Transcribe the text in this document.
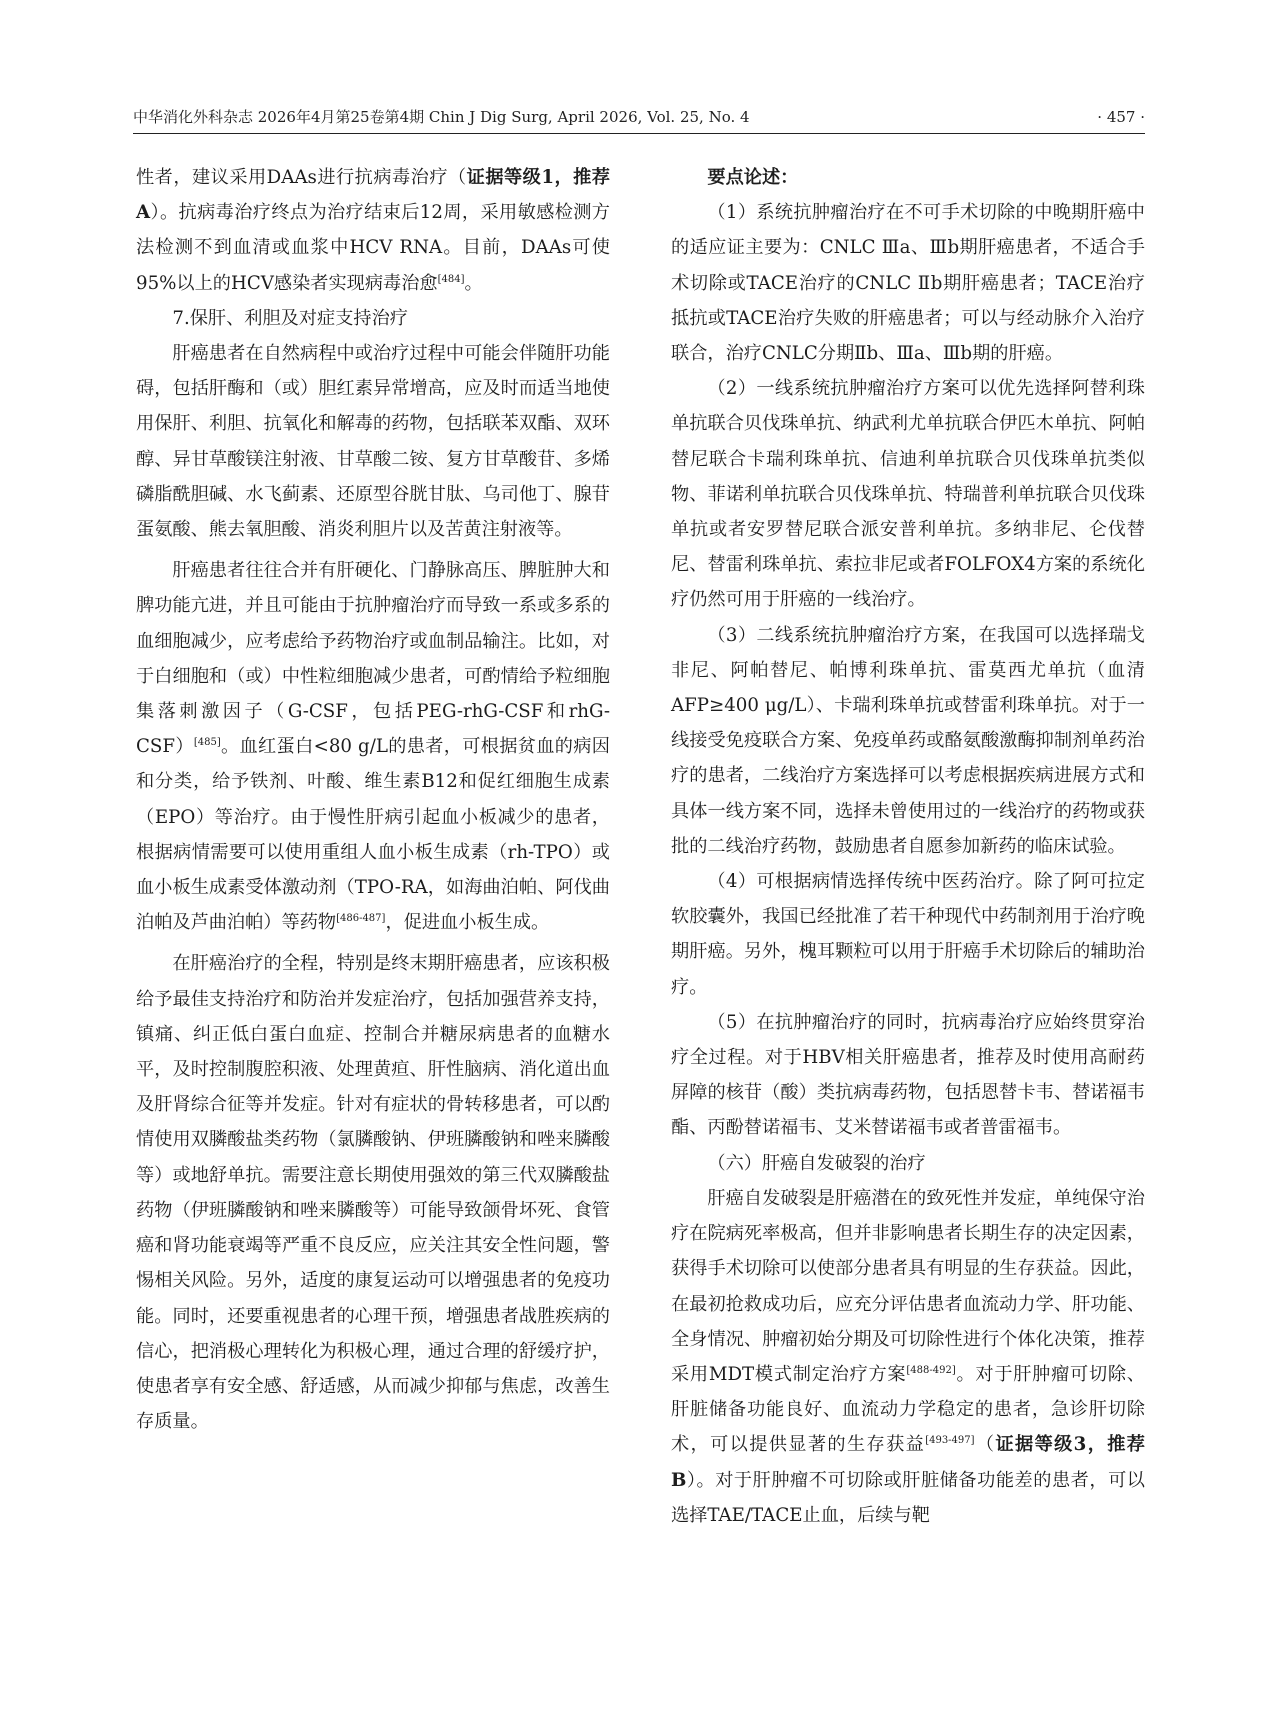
中华消化外科杂志 2026年4月第25卷第4期 Chin J Dig Surg, April 2026, Vol. 25, No. 4	· 457 ·

性者，建议采用DAAs进行抗病毒治疗（证据等级1，推荐A）。抗病毒治疗终点为治疗结束后12周，采用敏感检测方法检测不到血清或血浆中HCV RNA。目前，DAAs可使95%以上的HCV感染者实现病毒治愈[484]。

7.保肝、利胆及对症支持治疗

肝癌患者在自然病程中或治疗过程中可能会伴随肝功能碍，包括肝酶和（或）胆红素异常增高，应及时而适当地使用保肝、利胆、抗氧化和解毒的药物，包括联苯双酯、双环醇、异甘草酸镁注射液、甘草酸二铵、复方甘草酸苷、多烯磷脂酰胆碱、水飞蓟素、还原型谷胱甘肽、乌司他丁、腺苷蛋氨酸、熊去氧胆酸、消炎利胆片以及苦黄注射液等。

肝癌患者往往合并有肝硬化、门静脉高压、脾脏肿大和脾功能亢进，并且可能由于抗肿瘤治疗而导致一系或多系的血细胞减少，应考虑给予药物治疗或血制品输注。比如，对于白细胞和（或）中性粒细胞减少患者，可酌情给予粒细胞集落刺激因子（G-CSF，包括PEG-rhG-CSF和rhG-CSF）[485]。血红蛋白<80 g/L的患者，可根据贫血的病因和分类，给予铁剂、叶酸、维生素B12和促红细胞生成素（EPO）等治疗。由于慢性肝病引起血小板减少的患者，根据病情需要可以使用重组人血小板生成素（rh-TPO）或血小板生成素受体激动剂（TPO-RA，如海曲泊帕、阿伐曲泊帕及芦曲泊帕）等药物[486-487]，促进血小板生成。

在肝癌治疗的全程，特别是终末期肝癌患者，应该积极给予最佳支持治疗和防治并发症治疗，包括加强营养支持，镇痛、纠正低白蛋白血症、控制合并糖尿病患者的血糖水平，及时控制腹腔积液、处理黄疸、肝性脑病、消化道出血及肝肾综合征等并发症。针对有症状的骨转移患者，可以酌情使用双膦酸盐类药物（氯膦酸钠、伊班膦酸钠和唑来膦酸等）或地舒单抗。需要注意长期使用强效的第三代双膦酸盐药物（伊班膦酸钠和唑来膦酸等）可能导致颌骨坏死、食管癌和肾功能衰竭等严重不良反应，应关注其安全性问题，警惕相关风险。另外，适度的康复运动可以增强患者的免疫功能。同时，还要重视患者的心理干预，增强患者战胜疾病的信心，把消极心理转化为积极心理，通过合理的舒缓疗护，使患者享有安全感、舒适感，从而减少抑郁与焦虑，改善生存质量。

要点论述：

（1）系统抗肿瘤治疗在不可手术切除的中晚期肝癌中的适应证主要为：CNLC Ⅲa、Ⅲb期肝癌患者，不适合手术切除或TACE治疗的CNLC Ⅱb期肝癌患者；TACE治疗抵抗或TACE治疗失败的肝癌患者；可以与经动脉介入治疗联合，治疗CNLC分期Ⅱb、Ⅲa、Ⅲb期的肝癌。

（2）一线系统抗肿瘤治疗方案可以优先选择阿替利珠单抗联合贝伐珠单抗、纳武利尤单抗联合伊匹木单抗、阿帕替尼联合卡瑞利珠单抗、信迪利单抗联合贝伐珠单抗类似物、菲诺利单抗联合贝伐珠单抗、特瑞普利单抗联合贝伐珠单抗或者安罗替尼联合派安普利单抗。多纳非尼、仑伐替尼、替雷利珠单抗、索拉非尼或者FOLFOX4方案的系统化疗仍然可用于肝癌的一线治疗。

（3）二线系统抗肿瘤治疗方案，在我国可以选择瑞戈非尼、阿帕替尼、帕博利珠单抗、雷莫西尤单抗（血清AFP≥400 μg/L）、卡瑞利珠单抗或替雷利珠单抗。对于一线接受免疫联合方案、免疫单药或酪氨酸激酶抑制剂单药治疗的患者，二线治疗方案选择可以考虑根据疾病进展方式和具体一线方案不同，选择未曾使用过的一线治疗的药物或获批的二线治疗药物，鼓励患者自愿参加新药的临床试验。

（4）可根据病情选择传统中医药治疗。除了阿可拉定软胶囊外，我国已经批准了若干种现代中药制剂用于治疗晚期肝癌。另外，槐耳颗粒可以用于肝癌手术切除后的辅助治疗。

（5）在抗肿瘤治疗的同时，抗病毒治疗应始终贯穿治疗全过程。对于HBV相关肝癌患者，推荐及时使用高耐药屏障的核苷（酸）类抗病毒药物，包括恩替卡韦、替诺福韦酯、丙酚替诺福韦、艾米替诺福韦或者普雷福韦。

（六）肝癌自发破裂的治疗

肝癌自发破裂是肝癌潜在的致死性并发症，单纯保守治疗在院病死率极高，但并非影响患者长期生存的决定因素，获得手术切除可以使部分患者具有明显的生存获益。因此，在最初抢救成功后，应充分评估患者血流动力学、肝功能、全身情况、肿瘤初始分期及可切除性进行个体化决策，推荐采用MDT模式制定治疗方案[488-492]。对于肝肿瘤可切除、肝脏储备功能良好、血流动力学稳定的患者，急诊肝切除术，可以提供显著的生存获益[493-497]（证据等级3，推荐B）。对于肝肿瘤不可切除或肝脏储备功能差的患者，可以选择TAE/TACE止血，后续与靶
